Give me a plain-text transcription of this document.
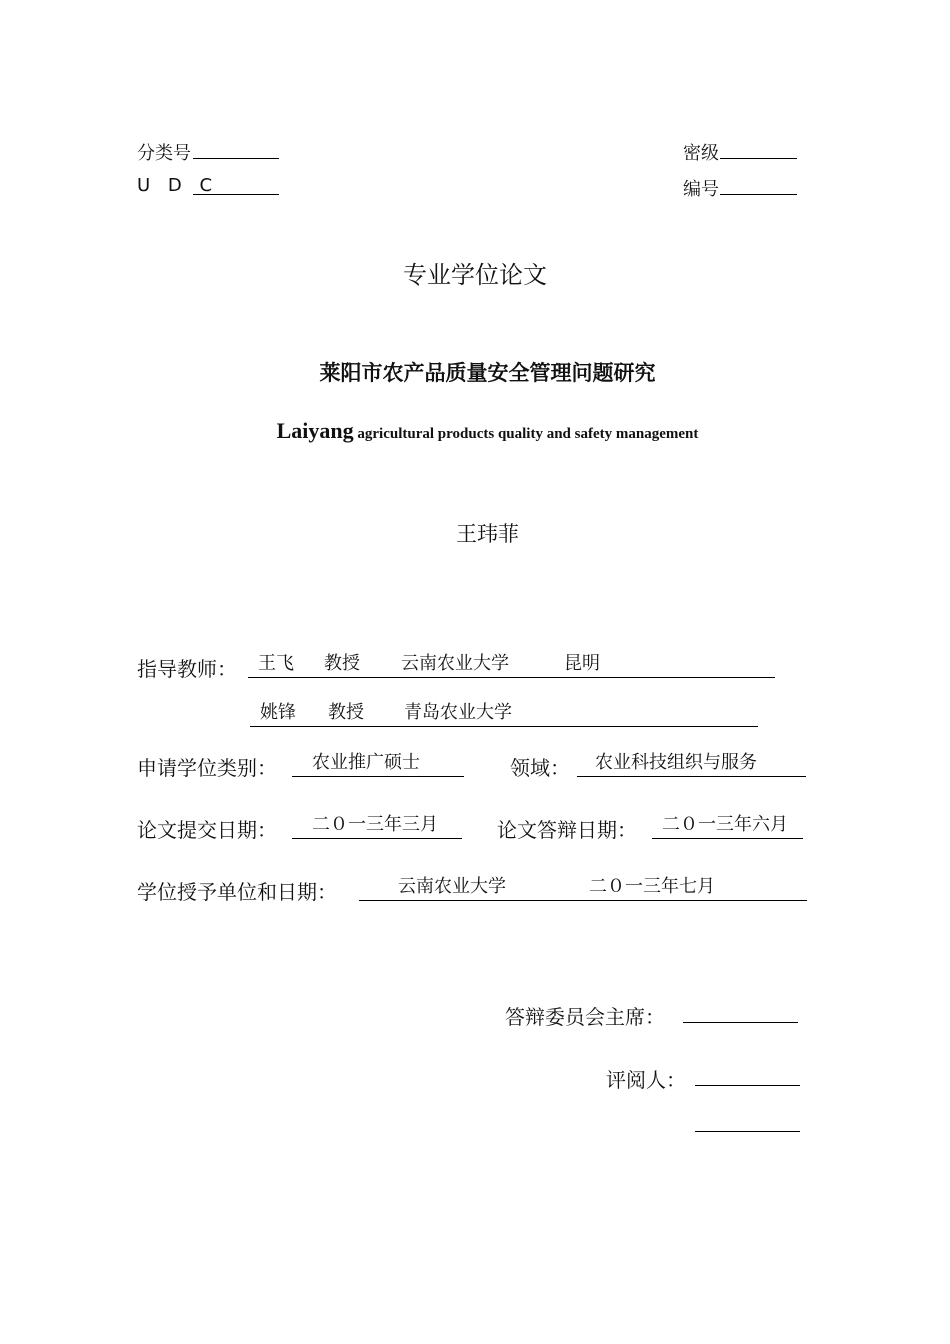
分类号
U D C
密级
编号
专业学位论文
莱阳市农产品质量安全管理问题研究
Laiyang agricultural products quality and safety management
王玮菲
指导教师： 王飞 教授 云南农业大学	昆明
姚锋 教授 青岛农业大学
申请学位类别： 农业推广硕士	领域： 农业科技组织与服务
论文提交日期： 二０一三年三月	论文答辩日期： 二０一三年六月
学位授予单位和日期：	云南农业大学	二０一三年七月
答辩委员会主席：
评阅人：
